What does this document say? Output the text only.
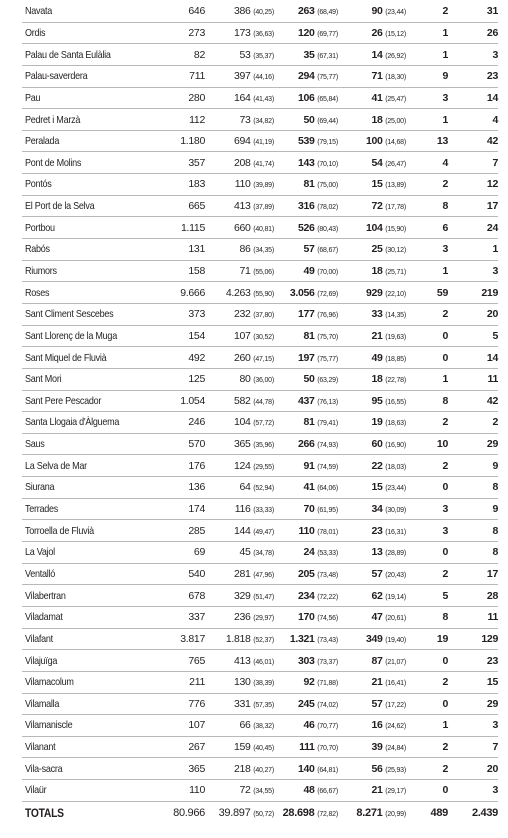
Navata	646	386 (40,25) 263 (68,49)	90 (23,44)	2	31
Ordis	273	173 (36,63) 120 (69,77)	26 (15,12)	1	26
Palau de Santa Eulàlia	82	53 (35,37)	35 (67,31)	14 (26,92)	1	3
Palau-saverdera	711	397 (44,16) 294 (75,77)	71 (18,30)	9	23
Pau	280	164 (41,43) 106 (65,84)	41 (25,47)	3	14
Pedret i Marzà	112	73 (34,82)	50 (69,44)	18 (25,00)	1	4
Peralada	1.180	694 (41,19) 539 (79,15)	100 (14,68)	13	42
Pont de Molins	357	208 (41,74) 143 (70,10)	54 (26,47)	4	7
Pontós	183	110 (39,89)	81 (75,00)	15 (13,89)	2	12
El Port de la Selva	665	413 (37,89) 316 (78,02)	72 (17,78)	8	17
Portbou	1.115	660 (40,81) 526 (80,43)	104 (15,90)	6	24
Rabós	131	86 (34,35)	57 (68,67)	25 (30,12)	3	1
Riumors	158	71 (55,06)	49 (70,00)	18 (25,71)	1	3
Roses	9.666 4.263 (55,90) 3.056 (72,69)	929 (22,10)	59	219
Sant Climent Sescebes	373	232 (37,80) 177 (76,96)	33 (14,35)	2	20
Sant Llorenç de la Muga	154	107 (30,52)	81 (75,70)	21 (19,63)	0	5
Sant Miquel de Fluvià	492	260 (47,15) 197 (75,77)	49 (18,85)	0	14
Sant Mori	125	80 (36,00)	50 (63,29)	18 (22,78)	1	11
Sant Pere Pescador	1.054	582 (44,78) 437 (76,13)	95 (16,55)	8	42
Santa Llogaia d'Àlguema	246	104 (57,72)	81 (79,41)	19 (18,63)	2	2
Saus	570	365 (35,96) 266 (74,93)	60 (16,90)	10	29
La Selva de Mar	176	124 (29,55)	91 (74,59)	22 (18,03)	2	9
Siurana	136	64 (52,94)	41 (64,06)	15 (23,44)	0	8
Terrades	174	116 (33,33)	70 (61,95)	34 (30,09)	3	9
Torroella de Fluvià	285	144 (49,47) 110 (78,01)	23 (16,31)	3	8
La Vajol	69	45 (34,78)	24 (53,33)	13 (28,89)	0	8
Ventalló	540	281 (47,96) 205 (73,48)	57 (20,43)	2	17
Vilabertran	678	329 (51,47) 234 (72,22)	62 (19,14)	5	28
Viladamat	337	236 (29,97) 170 (74,56)	47 (20,61)	8	11
Vilafant	3.817 1.818 (52,37) 1.321 (73,43)	349 (19,40)	19	129
Vilajuïga	765	413 (46,01) 303 (73,37)	87 (21,07)	0	23
Vilamacolum	211	130 (38,39)	92 (71,88)	21 (16,41)	2	15
Vilamalla	776	331 (57,35) 245 (74,02)	57 (17,22)	0	29
Vilamaniscle	107	66 (38,32)	46 (70,77)	16 (24,62)	1	3
Vilanant	267	159 (40,45) 111 (70,70)	39 (24,84)	2	7
Vila-sacra	365	218 (40,27) 140 (64,81)	56 (25,93)	2	20
Vilaür	110	72 (34,55)	48 (66,67)	21 (29,17)	0	3
TOTALS	80.966 39.897 (50,72) 28.698 (72,82) 8.271 (20,99) 489 2.439
